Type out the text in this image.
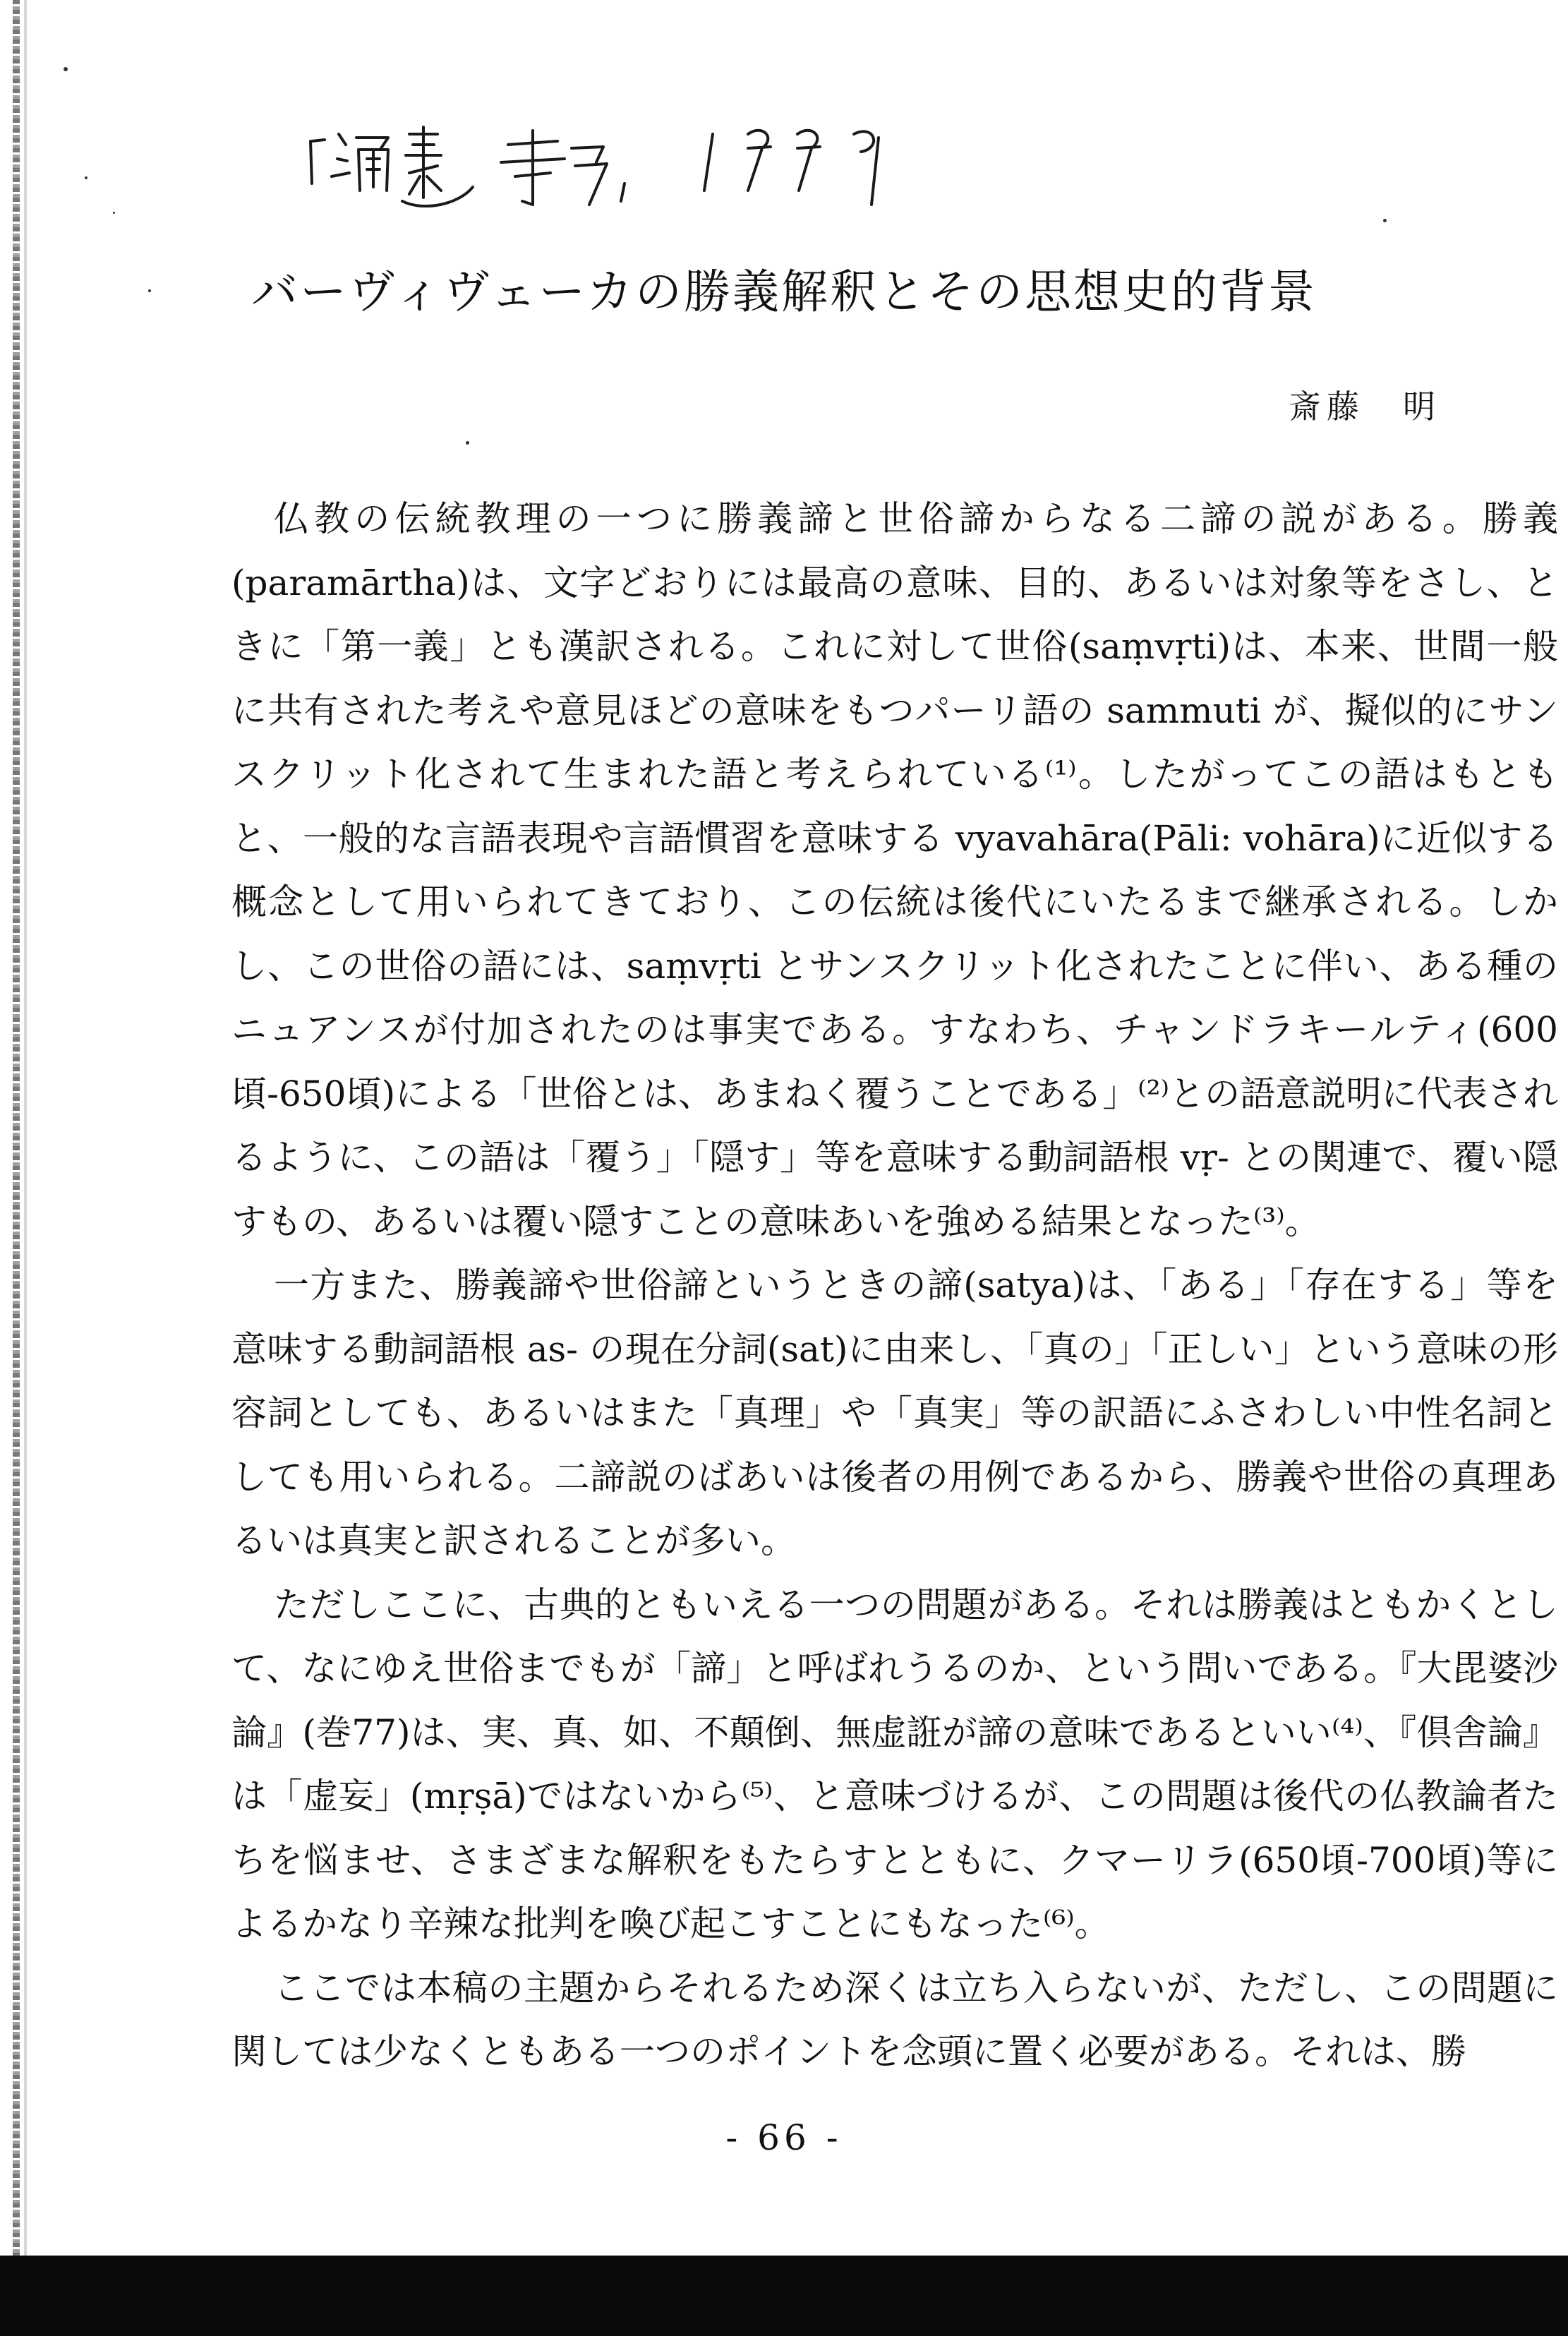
『論集』早7, 1999
バーヴィヴェーカの勝義解釈とその思想史的背景
斎藤　明

仏教の伝統教理の一つに勝義諦と世俗諦からなる二諦の説がある。勝義(paramārtha)は、文字どおりには最高の意味、目的、あるいは対象等をさし、ときに「第一義」とも漢訳される。これに対して世俗(saṃvṛti)は、本来、世間一般に共有された考えや意見ほどの意味をもつパーリ語の sammuti が、擬似的にサンスクリット化されて生まれた語と考えられている⁽¹⁾。したがってこの語はもともと、一般的な言語表現や言語慣習を意味する vyavahāra(Pāli: vohāra)に近似する概念として用いられてきており、この伝統は後代にいたるまで継承される。しかし、この世俗の語には、saṃvṛti とサンスクリット化されたことに伴い、ある種のニュアンスが付加されたのは事実である。すなわち、チャンドラキールティ(600頃-650頃)による「世俗とは、あまねく覆うことである」⁽²⁾との語意説明に代表されるように、この語は「覆う」「隠す」等を意味する動詞語根 vṛ- との関連で、覆い隠すもの、あるいは覆い隠すことの意味あいを強める結果となった⁽³⁾。

一方また、勝義諦や世俗諦というときの諦(satya)は、「ある」「存在する」等を意味する動詞語根 as- の現在分詞(sat)に由来し、「真の」「正しい」という意味の形容詞としても、あるいはまた「真理」や「真実」等の訳語にふさわしい中性名詞としても用いられる。二諦説のばあいは後者の用例であるから、勝義や世俗の真理あるいは真実と訳されることが多い。

ただしここに、古典的ともいえる一つの問題がある。それは勝義はともかくとして、なにゆえ世俗までもが「諦」と呼ばれうるのか、という問いである。『大毘婆沙論』(巻77)は、実、真、如、不顛倒、無虚誑が諦の意味であるといい⁽⁴⁾、『倶舎論』は「虚妄」(mṛṣā)ではないから⁽⁵⁾、と意味づけるが、この問題は後代の仏教論者たちを悩ませ、さまざまな解釈をもたらすとともに、クマーリラ(650頃-700頃)等によるかなり辛辣な批判を喚び起こすことにもなった⁽⁶⁾。

ここでは本稿の主題からそれるため深くは立ち入らないが、ただし、この問題に関しては少なくともある一つのポイントを念頭に置く必要がある。それは、勝

- 66 -
